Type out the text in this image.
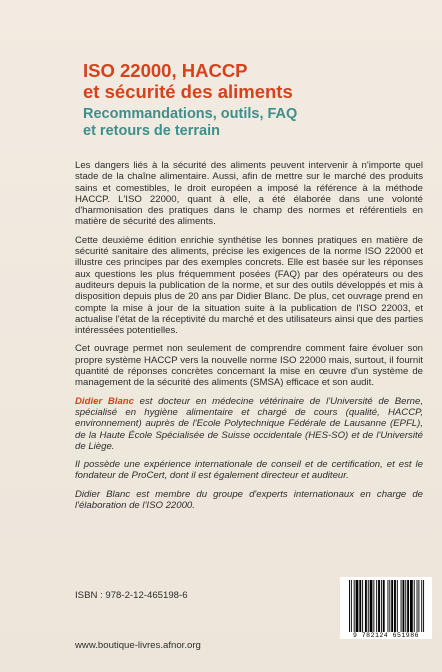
ISO 22000, HACCP
et sécurité des aliments
Recommandations, outils, FAQ
et retours de terrain

Les dangers liés à la sécurité des aliments peuvent intervenir à n'importe quel stade de la chaîne alimentaire. Aussi, afin de mettre sur le marché des produits sains et comestibles, le droit européen a imposé la référence à la méthode HACCP. L'ISO 22000, quant à elle, a été élaborée dans une volonté d'harmonisation des pratiques dans le champ des normes et référentiels en matière de sécurité des aliments.

Cette deuxième édition enrichie synthétise les bonnes pratiques en matière de sécurité sanitaire des aliments, précise les exigences de la norme ISO 22000 et illustre ces principes par des exemples concrets. Elle est basée sur les réponses aux questions les plus fréquemment posées (FAQ) par des opérateurs ou des auditeurs depuis la publication de la norme, et sur des outils développés et mis à disposition depuis plus de 20 ans par Didier Blanc. De plus, cet ouvrage prend en compte la mise à jour de la situation suite à la publication de l'ISO 22003, et actualise l'état de la réceptivité du marché et des utilisateurs ainsi que des parties intéressées potentielles.

Cet ouvrage permet non seulement de comprendre comment faire évoluer son propre système HACCP vers la nouvelle norme ISO 22000 mais, surtout, il fournit quantité de réponses concrètes concernant la mise en œuvre d'un système de management de la sécurité des aliments (SMSA) efficace et son audit.

Didier Blanc est docteur en médecine vétérinaire de l'Université de Berne, spécialisé en hygiène alimentaire et chargé de cours (qualité, HACCP, environnement) auprès de l'Ecole Polytechnique Fédérale de Lausanne (EPFL), de la Haute École Spécialisée de Suisse occidentale (HES-SO) et de l'Université de Liège.

Il possède une expérience internationale de conseil et de certification, et est le fondateur de ProCert, dont il est également directeur et auditeur.

Didier Blanc est membre du groupe d'experts internationaux en charge de l'élaboration de l'ISO 22000.

ISBN : 978-2-12-465198-6
www.boutique-livres.afnor.org
9 782124 651986
